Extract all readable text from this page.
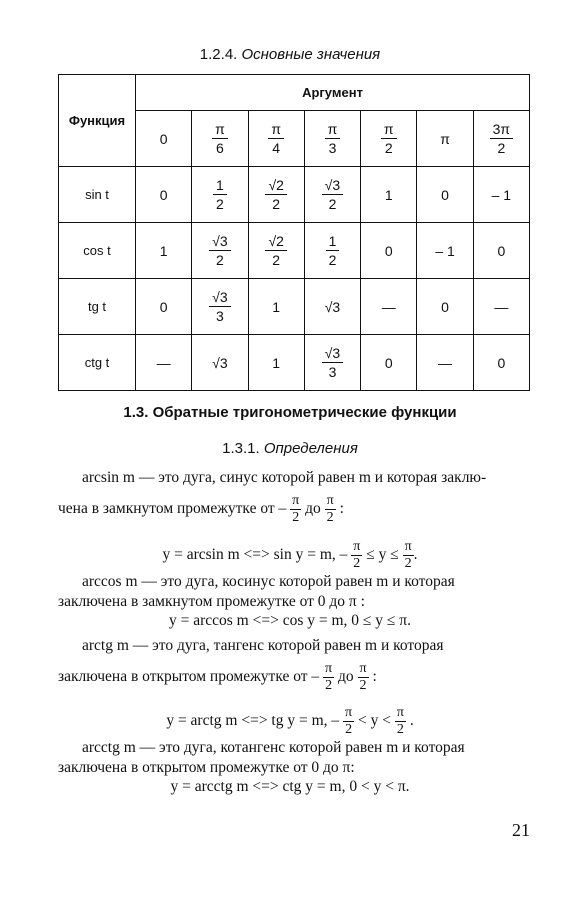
1.2.4. Основные значения
Функция	Аргумент						
	0	$\frac{\pi}{6}$	$\frac{\pi}{4}$	$\frac{\pi}{3}$	$\frac{\pi}{2}$	π	$\frac{3\pi}{2}$

sin t	0	$\frac{1}{2}$	$\frac{√2}{2}$	$\frac{√3}{2}$	1	0	– 1
cos t	1	$\frac{√3}{2}$	$\frac{√2}{2}$	$\frac{1}{2}$	0	– 1	0
tg t	0	$\frac{√3}{3}$	1	√3	—	0	—
ctg t	—	√3	1	$\frac{√3}{3}$	0	—	0
1.3. Обратные тригонометрические функции
1.3.1. Определения
arcsin m — это дуга, синус которой равен m и которая заклю-
чена в замкнутом промежутке от – $\frac{\pi}{2}$ до $\frac{\pi}{2}$ :
y = arcsin m <=> sin y = m, – $\frac{\pi}{2} \le y \le \frac{\pi}{2}$ .
arccos m — это дуга, косинус которой равен m и которая
заключена в замкнутом промежутке от 0 до π :
y = arccos m <=> cos y = m, 0 ≤ y ≤ π.
arctg m — это дуга, тангенс которой равен m и которая
заключена в открытом промежутке от – $\frac{\pi}{2}$ до $\frac{\pi}{2}$ :
y = arctg m <=> tg y = m, – $\frac{\pi}{2} < y < \frac{\pi}{2}$ .
arcctg m — это дуга, котангенс которой равен m и которая
заключена в открытом промежутке от 0 до π:
y = arcctg m <=> ctg y = m, 0 < y < π.
21
